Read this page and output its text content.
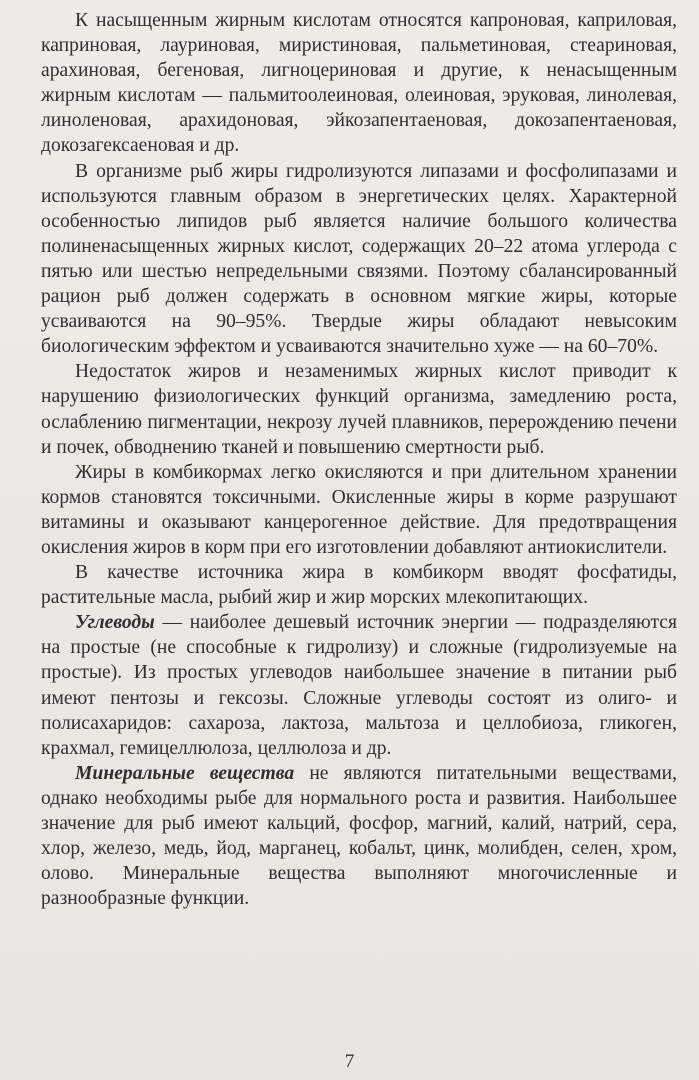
К насыщенным жирным кислотам относятся капроновая, каприловая, каприновая, лауриновая, миристиновая, пальметиновая, стеариновая, арахиновая, бегеновая, лигноцериновая и другие, к ненасыщенным жирным кислотам — пальмитоолеиновая, олеиновая, эруковая, линолевая, линоленовая, арахидоновая, эйкозапентаеновая, докозапентаеновая, докозагексаеновая и др.

В организме рыб жиры гидролизуются липазами и фосфолипазами и используются главным образом в энергетических целях. Характерной особенностью липидов рыб является наличие большого количества полиненасыщенных жирных кислот, содержащих 20–22 атома углерода с пятью или шестью непредельными связями. Поэтому сбалансированный рацион рыб должен содержать в основном мягкие жиры, которые усваиваются на 90–95%. Твердые жиры обладают невысоким биологическим эффектом и усваиваются значительно хуже — на 60–70%.

Недостаток жиров и незаменимых жирных кислот приводит к нарушению физиологических функций организма, замедлению роста, ослаблению пигментации, некрозу лучей плавников, перерождению печени и почек, обводнению тканей и повышению смертности рыб.

Жиры в комбикормах легко окисляются и при длительном хранении кормов становятся токсичными. Окисленные жиры в корме разрушают витамины и оказывают канцерогенное действие. Для предотвращения окисления жиров в корм при его изготовлении добавляют антиокислители.

В качестве источника жира в комбикорм вводят фосфатиды, растительные масла, рыбий жир и жир морских млекопитающих.

Углеводы — наиболее дешевый источник энергии — подразделяются на простые (не способные к гидролизу) и сложные (гидролизуемые на простые). Из простых углеводов наибольшее значение в питании рыб имеют пентозы и гексозы. Сложные углеводы состоят из олиго- и полисахаридов: сахароза, лактоза, мальтоза и целлобиоза, гликоген, крахмал, гемицеллюлоза, целлюлоза и др.

Минеральные вещества не являются питательными веществами, однако необходимы рыбе для нормального роста и развития. Наибольшее значение для рыб имеют кальций, фосфор, магний, калий, натрий, сера, хлор, железо, медь, йод, марганец, кобальт, цинк, молибден, селен, хром, олово. Минеральные вещества выполняют многочисленные и разнообразные функции.

7
